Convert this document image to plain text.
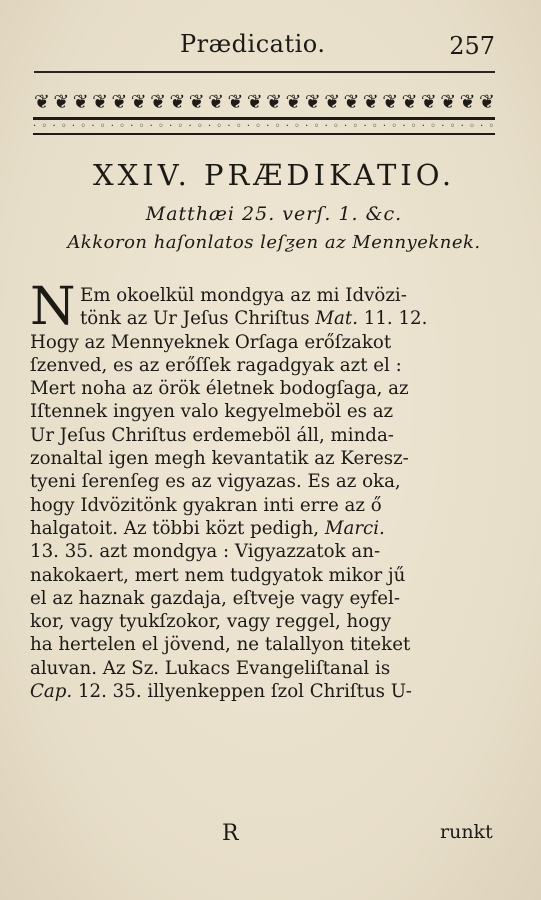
Prædicatio.	257
❦ ❦ ❦ ❦ ❦ ❦ ❦ ❦ ❦ ❦ ❦ ❦ ❦ ❦ ❦ ❦ ❦ ❦ ❦ ❦ ❦ ❦ ❦ ❦
· ◦ · ◦ · ◦ · ◦ · ◦ · ◦ · ◦ · ◦ · ◦ · ◦ · ◦ · ◦ · ◦ · ◦ · ◦ · ◦ · ◦ · ◦ · ◦ · ◦ · ◦ · ◦ · ◦ · ◦
XXIV. PRÆDIKATIO.
Matthæi 25. verſ. 1. &c.
Akkoron haſonlatos leſƺen az Mennyeknek.
N Em okoelkül mondgya az mi Idvözi-
tönk az Ur Jeſus Chriſtus Mat. 11. 12.
Hogy az Mennyeknek Orſaga erőſzakot
ſzenved, es az erőſſek ragadgyak azt el :
Mert noha az örök életnek bodogſaga, az
Iſtennek ingyen valo kegyelmeböl es az
Ur Jeſus Chriſtus erdemeböl áll, minda-
zonaltal igen megh kevantatik az Keresz-
tyeni ſerenſeg es az vigyazas. Es az oka,
hogy Idvözitönk gyakran inti erre az ő
halgatoit. Az többi közt pedigh, Marci.
13. 35. azt mondgya : Vigyazzatok an-
nakokaert, mert nem tudgyatok mikor jű
el az haznak gazdaja, eſtveje vagy eyfel-
kor, vagy tyukſzokor, vagy reggel, hogy
ha hertelen el jövend, ne talallyon titeket
aluvan. Az Sz. Lukacs Evangeliſtanal is
Cap. 12. 35. illyenkeppen ſzol Chriſtus U-
R	runkt
